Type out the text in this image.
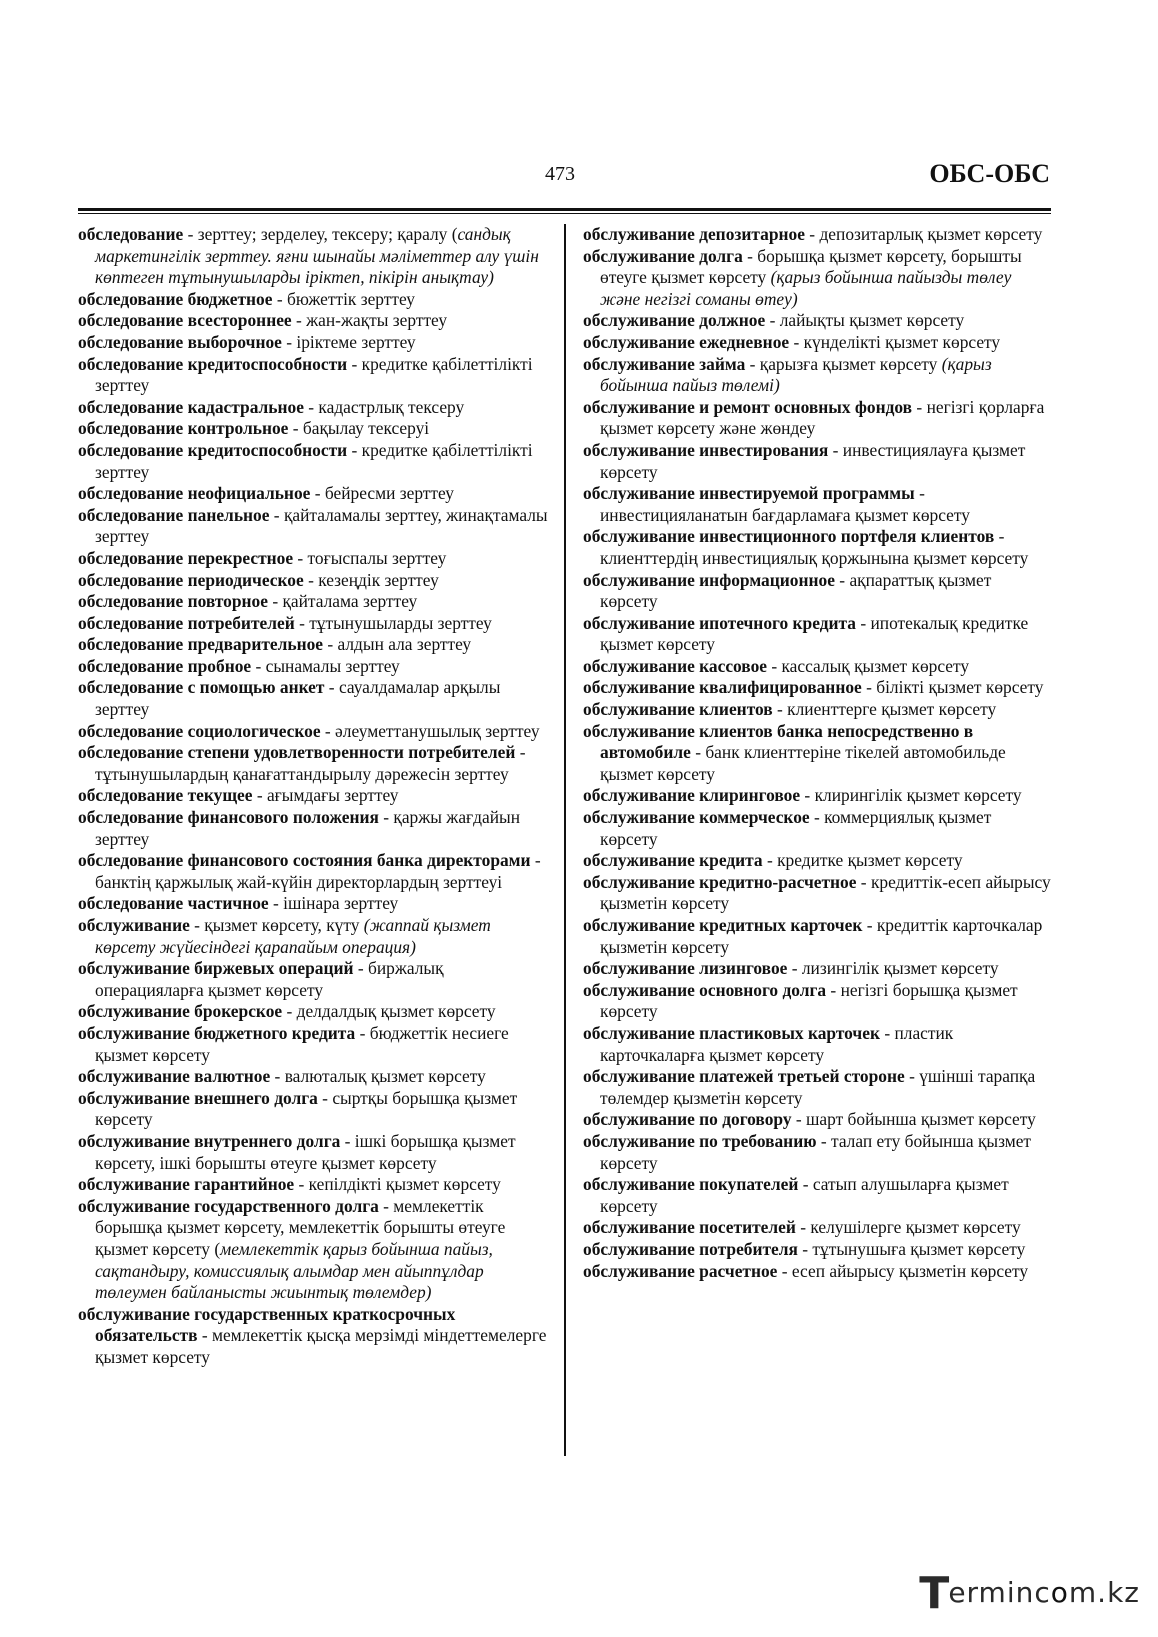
473	ОБС-ОБС

обследование - зерттеу; зерделеу, тексеру; қаралу (сандық маркетингілік зерттеу. яғни шынайы мәліметтер алу үшін көптеген тұтынушыларды іріктеп, пікірін анықтау)

обследование бюджетное - бюжеттік зерттеу

обследование всестороннее - жан-жақты зерттеу

обследование выборочное - іріктеме зерттеу

обследование кредитоспособности - кредитке қабілеттілікті зерттеу

обследование кадастральное - кадастрлық тексеру

обследование контрольное - бақылау тексеруі

обследование кредитоспособности - кредитке қабілеттілікті зерттеу

обследование неофициальное - бейресми зерттеу

обследование панельное - қайталамалы зерттеу, жинақтамалы зерттеу

обследование перекрестное - тоғыспалы зерттеу

обследование периодическое - кезеңдік зерттеу

обследование повторное - қайталама зерттеу

обследование потребителей - тұтынушыларды зерттеу

обследование предварительное - алдын ала зерттеу

обследование пробное - сынамалы зерттеу

обследование с помощью анкет - сауалдамалар арқылы зерттеу

обследование социологическое - әлеуметтанушылық зерттеу

обследование степени удовлетворенности потребителей - тұтынушылардың қанағаттандырылу дәрежесін зерттеу

обследование текущее - ағымдағы зерттеу

обследование финансового положения - қаржы жағдайын зерттеу

обследование финансового состояния банка директорами - банктің қаржылық жай-күйін директорлардың зерттеуі

обследование частичное - ішінара зерттеу

обслуживание - қызмет көрсету, күту (жаппай қызмет көрсету жүйесіндегі қарапайым операция)

обслуживание биржевых операций - биржалық операцияларға қызмет көрсету

обслуживание брокерское - делдалдық қызмет көрсету

обслуживание бюджетного кредита - бюджеттік несиеге қызмет көрсету

обслуживание валютное - валюталық қызмет көрсету

обслуживание внешнего долга - сыртқы борышқа қызмет көрсету

обслуживание внутреннего долга - ішкі борышқа қызмет көрсету, ішкі борышты өтеуге қызмет көрсету

обслуживание гарантийное - кепілдікті қызмет көрсету

обслуживание государственного долга - мемлекеттік борышқа қызмет көрсету, мемлекеттік борышты өтеуге қызмет көрсету (мемлекеттік қарыз бойынша пайыз, сақтандыру, комиссиялық алымдар мен айыппұлдар төлеумен байланысты жиынтық төлемдер)

обслуживание государственных краткосрочных обязательств - мемлекеттік қысқа мерзімді міндеттемелерге қызмет көрсету

обслуживание депозитарное - депозитарлық қызмет көрсету

обслуживание долга - борышқа қызмет көрсету, борышты өтеуге қызмет көрсету (қарыз бойынша пайызды төлеу және негізгі соманы өтеу)

обслуживание должное - лайықты қызмет көрсету

обслуживание ежедневное - күнделікті қызмет көрсету

обслуживание займа - қарызға қызмет көрсету (қарыз бойынша пайыз төлемі)

обслуживание и ремонт основных фондов - негізгі қорларға қызмет көрсету және жөндеу

обслуживание инвестирования - инвестициялауға қызмет көрсету

обслуживание инвестируемой программы - инвестицияланатын бағдарламаға қызмет көрсету

обслуживание инвестиционного портфеля клиентов - клиенттердің инвестициялық қоржынына қызмет көрсету

обслуживание информационное - ақпараттық қызмет көрсету

обслуживание ипотечного кредита - ипотекалық кредитке қызмет көрсету

обслуживание кассовое - кассалық қызмет көрсету

обслуживание квалифицированное - білікті қызмет көрсету

обслуживание клиентов - клиенттерге қызмет көрсету

обслуживание клиентов банка непосредственно в автомобиле - банк клиенттеріне тікелей автомобильде қызмет көрсету

обслуживание клиринговое - клирингілік қызмет көрсету

обслуживание коммерческое - коммерциялық қызмет көрсету

обслуживание кредита - кредитке қызмет көрсету

обслуживание кредитно-расчетное - кредиттік-есеп айырысу қызметін көрсету

обслуживание кредитных карточек - кредиттік карточкалар қызметін көрсету

обслуживание лизинговое - лизингілік қызмет көрсету

обслуживание основного долга - негізгі борышқа қызмет көрсету

обслуживание пластиковых карточек - пластик карточкаларға қызмет көрсету

обслуживание платежей третьей стороне - үшінші тарапқа төлемдер қызметін көрсету

обслуживание по договору - шарт бойынша қызмет көрсету

обслуживание по требованию - талап ету бойынша қызмет көрсету

обслуживание покупателей - сатып алушыларға қызмет көрсету

обслуживание посетителей - келушілерге қызмет көрсету

обслуживание потребителя - тұтынушыға қызмет көрсету

обслуживание расчетное - есеп айырысу қызметін көрсету

Termincom.kz
